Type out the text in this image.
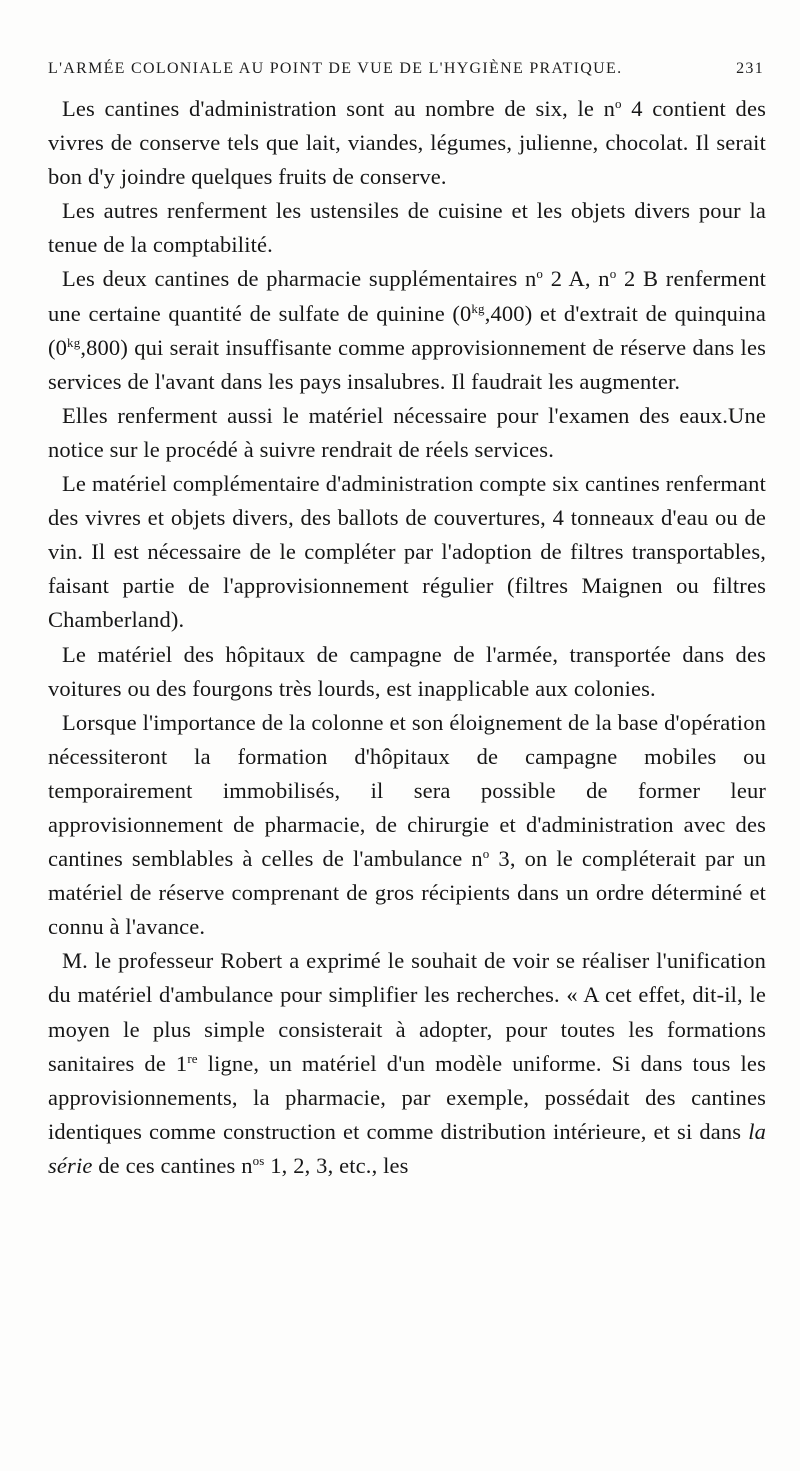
L'ARMÉE COLONIALE AU POINT DE VUE DE L'HYGIÈNE PRATIQUE.	231

Les cantines d'administration sont au nombre de six, le $n^o$ 4 contient des vivres de conserve tels que lait, viandes, légumes, julienne, chocolat. Il serait bon d'y joindre quelques fruits de conserve.

Les autres renferment les ustensiles de cuisine et les objets divers pour la tenue de la comptabilité.

Les deux cantines de pharmacie supplémentaires $n^o$ 2 A, $n^o$ 2 B renferment une certaine quantité de sulfate de quinine $(0^{kg},400)$ et d'extrait de quinquina $(0^{kg},800)$ qui serait insuffisante comme approvisionnement de réserve dans les services de l'avant dans les pays insalubres. Il faudrait les augmenter.

Elles renferment aussi le matériel nécessaire pour l'examen des eaux.Une notice sur le procédé à suivre rendrait de réels services.

Le matériel complémentaire d'administration compte six cantines renfermant des vivres et objets divers, des ballots de couvertures, 4 tonneaux d'eau ou de vin. Il est nécessaire de le compléter par l'adoption de filtres transportables, faisant partie de l'approvisionnement régulier (filtres Maignen ou filtres Chamberland).

Le matériel des hôpitaux de campagne de l'armée, transportée dans des voitures ou des fourgons très lourds, est inapplicable aux colonies.

Lorsque l'importance de la colonne et son éloignement de la base d'opération nécessiteront la formation d'hôpitaux de campagne mobiles ou temporairement immobilisés, il sera possible de former leur approvisionnement de pharmacie, de chirurgie et d'administration avec des cantines semblables à celles de l'ambulance $n^o$ 3, on le compléterait par un matériel de réserve comprenant de gros récipients dans un ordre déterminé et connu à l'avance.

M. le professeur Robert a exprimé le souhait de voir se réaliser l'unification du matériel d'ambulance pour simplifier les recherches. « A cet effet, dit-il, le moyen le plus simple consisterait à adopter, pour toutes les formations sanitaires de 1re ligne, un matériel d'un modèle uniforme. Si dans tous les approvisionnements, la pharmacie, par exemple, possédait des cantines identiques comme construction et comme distribution intérieure, et si dans la série de ces cantines $n^{os}$ 1, 2, 3, etc., les
